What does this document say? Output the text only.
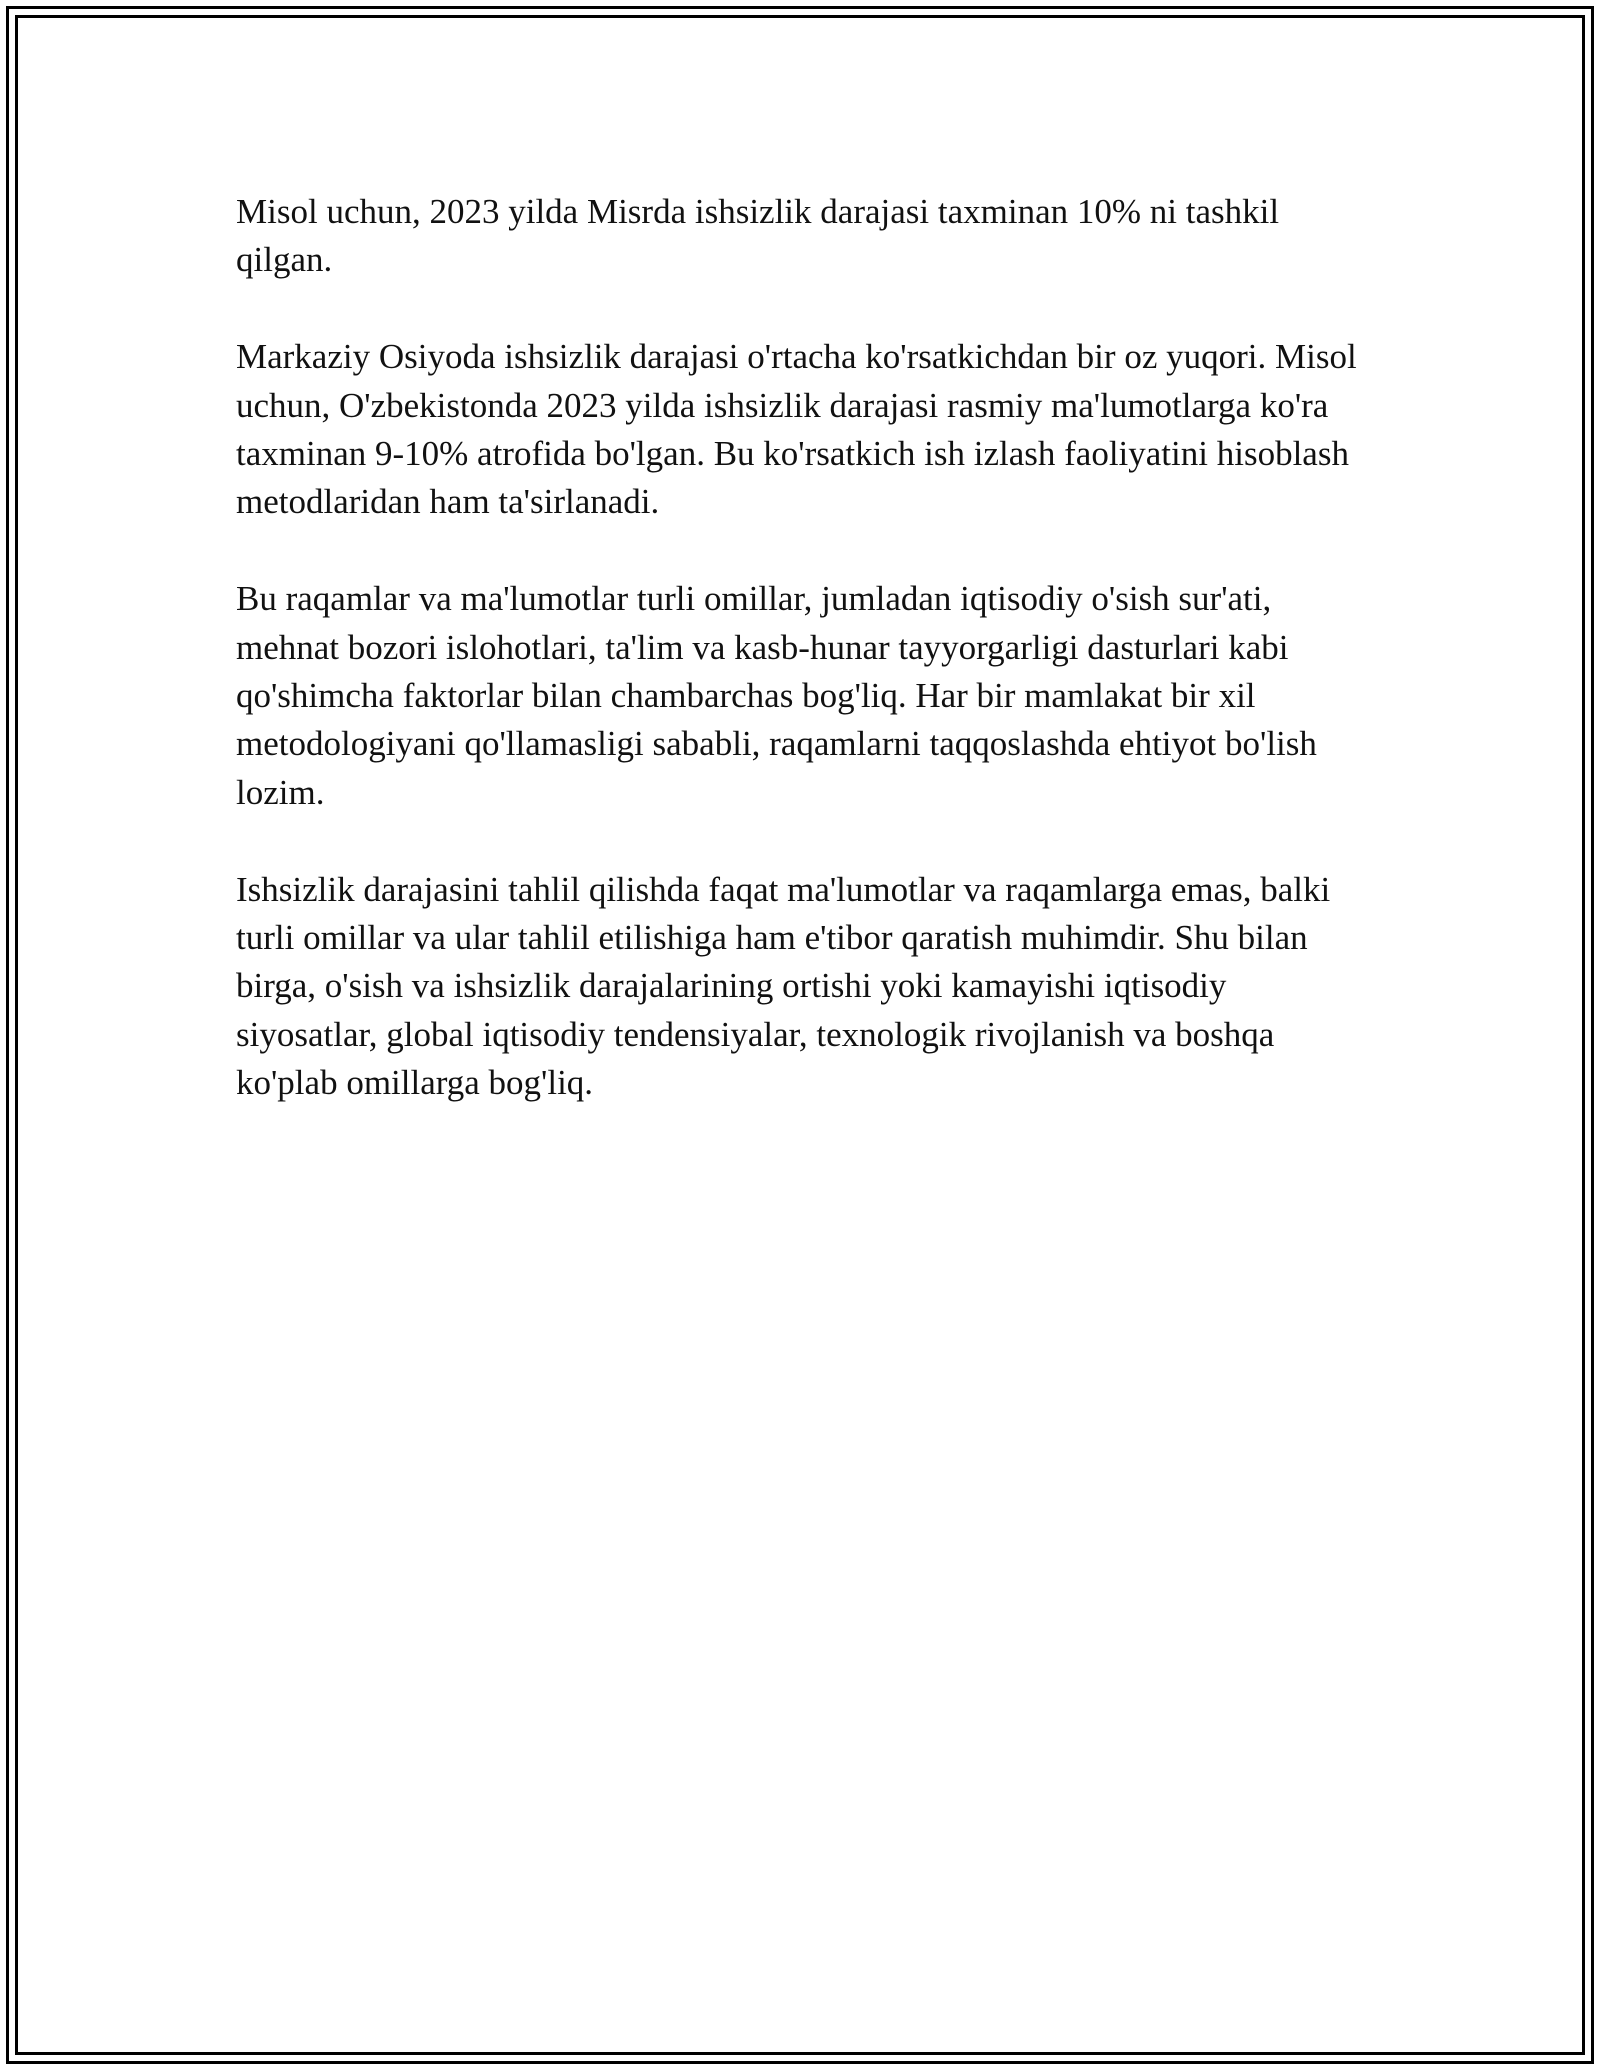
Misol uchun, 2023 yilda Misrda ishsizlik darajasi taxminan 10% ni tashkil qilgan.

Markaziy Osiyoda ishsizlik darajasi o'rtacha ko'rsatkichdan bir oz yuqori. Misol uchun, O'zbekistonda 2023 yilda ishsizlik darajasi rasmiy ma'lumotlarga ko'ra taxminan 9-10% atrofida bo'lgan. Bu ko'rsatkich ish izlash faoliyatini hisoblash metodlaridan ham ta'sirlanadi.

Bu raqamlar va ma'lumotlar turli omillar, jumladan iqtisodiy o'sish sur'ati, mehnat bozori islohotlari, ta'lim va kasb-hunar tayyorgarligi dasturlari kabi qo'shimcha faktorlar bilan chambarchas bog'liq. Har bir mamlakat bir xil metodologiyani qo'llamasligi sababli, raqamlarni taqqoslashda ehtiyot bo'lish lozim.

Ishsizlik darajasini tahlil qilishda faqat ma'lumotlar va raqamlarga emas, balki turli omillar va ular tahlil etilishiga ham e'tibor qaratish muhimdir. Shu bilan birga, o'sish va ishsizlik darajalarining ortishi yoki kamayishi iqtisodiy siyosatlar, global iqtisodiy tendensiyalar, texnologik rivojlanish va boshqa ko'plab omillarga bog'liq.
